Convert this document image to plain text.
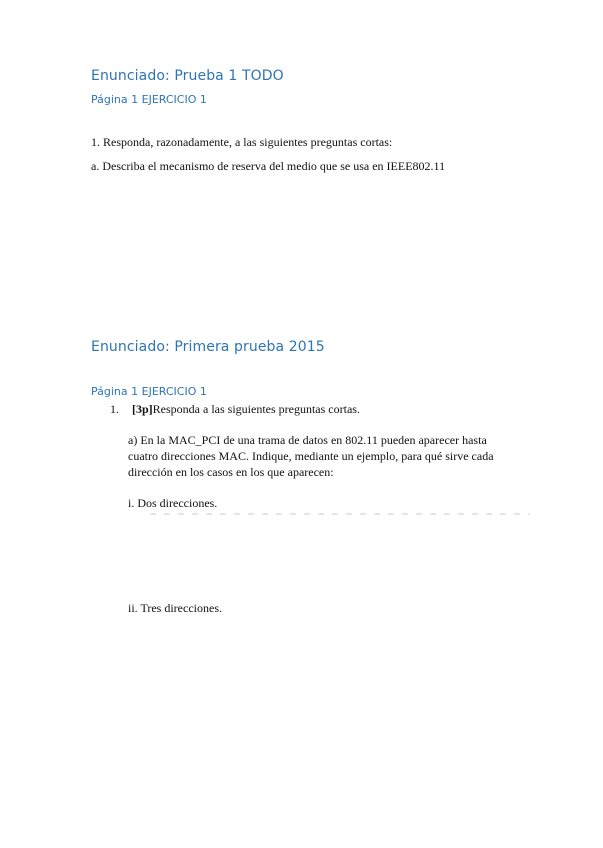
Enunciado: Prueba 1 TODO
Página 1 EJERCICIO 1
1. Responda, razonadamente, a las siguientes preguntas cortas:
a. Describa el mecanismo de reserva del medio que se usa en IEEE802.11
Enunciado: Primera prueba 2015
Página 1 EJERCICIO 1
1. [3p]Responda a las siguientes preguntas cortas.
a) En la MAC_PCI de una trama de datos en 802.11 pueden aparecer hasta
cuatro direcciones MAC. Indique, mediante un ejemplo, para qué sirve cada
dirección en los casos en los que aparecen:
i. Dos direcciones.
ii. Tres direcciones.
